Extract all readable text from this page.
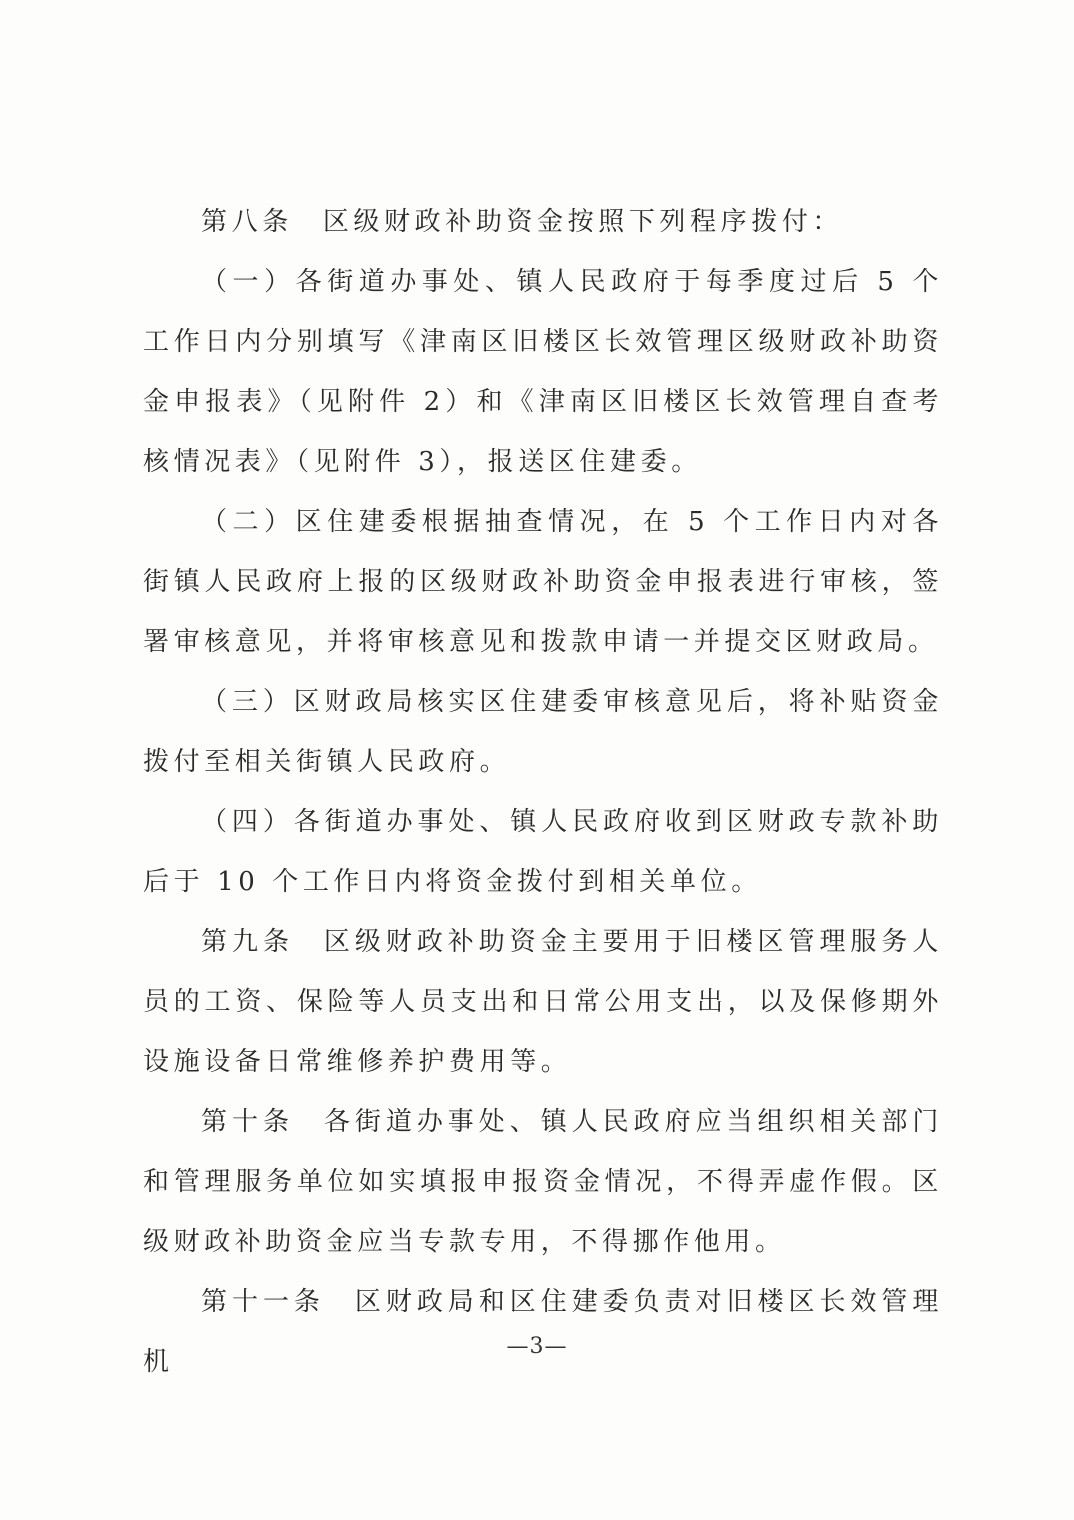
第八条 区级财政补助资金按照下列程序拨付：

（一）各街道办事处、镇人民政府于每季度过后 5 个工作日内分别填写《津南区旧楼区长效管理区级财政补助资金申报表》（见附件 2）和《津南区旧楼区长效管理自查考核情况表》（见附件 3），报送区住建委。

（二）区住建委根据抽查情况，在 5 个工作日内对各街镇人民政府上报的区级财政补助资金申报表进行审核，签署审核意见，并将审核意见和拨款申请一并提交区财政局。

（三）区财政局核实区住建委审核意见后，将补贴资金拨付至相关街镇人民政府。

（四）各街道办事处、镇人民政府收到区财政专款补助后于 10 个工作日内将资金拨付到相关单位。

第九条 区级财政补助资金主要用于旧楼区管理服务人员的工资、保险等人员支出和日常公用支出，以及保修期外设施设备日常维修养护费用等。

第十条 各街道办事处、镇人民政府应当组织相关部门和管理服务单位如实填报申报资金情况，不得弄虚作假。区级财政补助资金应当专款专用，不得挪作他用。

第十一条 区财政局和区住建委负责对旧楼区长效管理机

—3—
